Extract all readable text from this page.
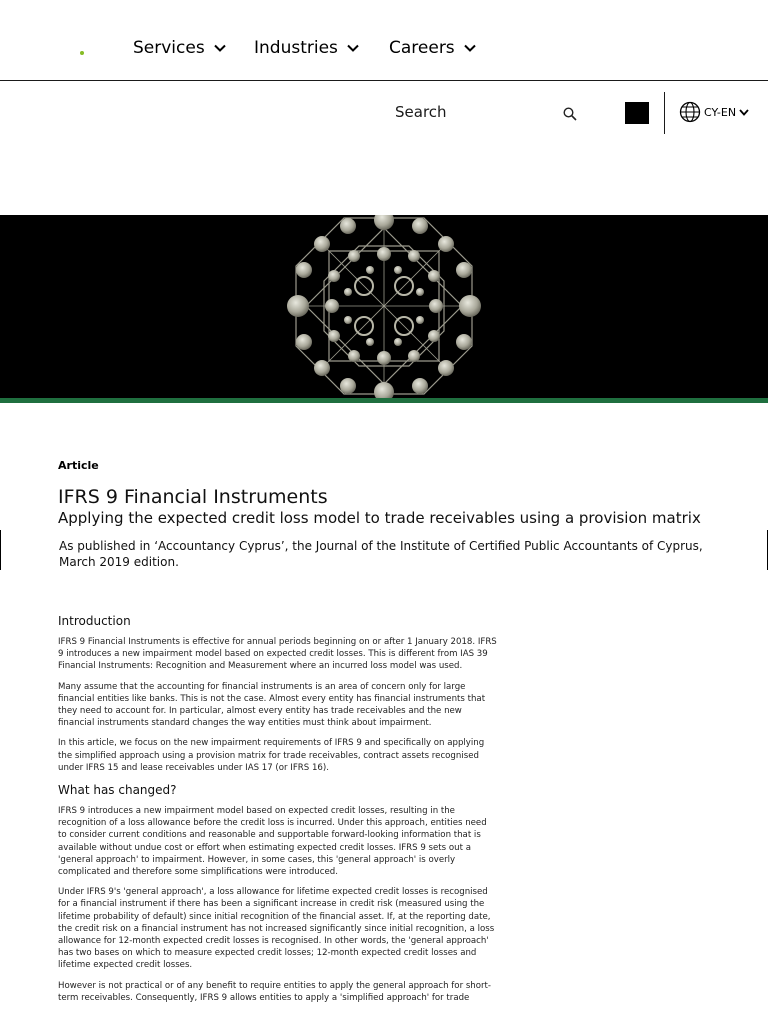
Services	Industries	Careers
Search	CY-EN
Article
IFRS 9 Financial Instruments
Applying the expected credit loss model to trade receivables using a provision matrix
As published in ‘Accountancy Cyprus’, the Journal of the Institute of Certified Public Accountants of Cyprus, March 2019 edition.

Introduction

IFRS 9 Financial Instruments is effective for annual periods beginning on or after 1 January 2018. IFRS 9 introduces a new impairment model based on expected credit losses. This is different from IAS 39 Financial Instruments: Recognition and Measurement where an incurred loss model was used.

Many assume that the accounting for financial instruments is an area of concern only for large financial entities like banks. This is not the case. Almost every entity has financial instruments that they need to account for. In particular, almost every entity has trade receivables and the new financial instruments standard changes the way entities must think about impairment.

In this article, we focus on the new impairment requirements of IFRS 9 and specifically on applying the simplified approach using a provision matrix for trade receivables, contract assets recognised under IFRS 15 and lease receivables under IAS 17 (or IFRS 16).

What has changed?

IFRS 9 introduces a new impairment model based on expected credit losses, resulting in the recognition of a loss allowance before the credit loss is incurred. Under this approach, entities need to consider current conditions and reasonable and supportable forward-looking information that is available without undue cost or effort when estimating expected credit losses. IFRS 9 sets out a 'general approach' to impairment. However, in some cases, this 'general approach' is overly complicated and therefore some simplifications were introduced.

Under IFRS 9's 'general approach', a loss allowance for lifetime expected credit losses is recognised for a financial instrument if there has been a significant increase in credit risk (measured using the lifetime probability of default) since initial recognition of the financial asset. If, at the reporting date, the credit risk on a financial instrument has not increased significantly since initial recognition, a loss allowance for 12-month expected credit losses is recognised. In other words, the 'general approach' has two bases on which to measure expected credit losses; 12-month expected credit losses and lifetime expected credit losses.

However is not practical or of any benefit to require entities to apply the general approach for short-term receivables. Consequently, IFRS 9 allows entities to apply a 'simplified approach' for trade
